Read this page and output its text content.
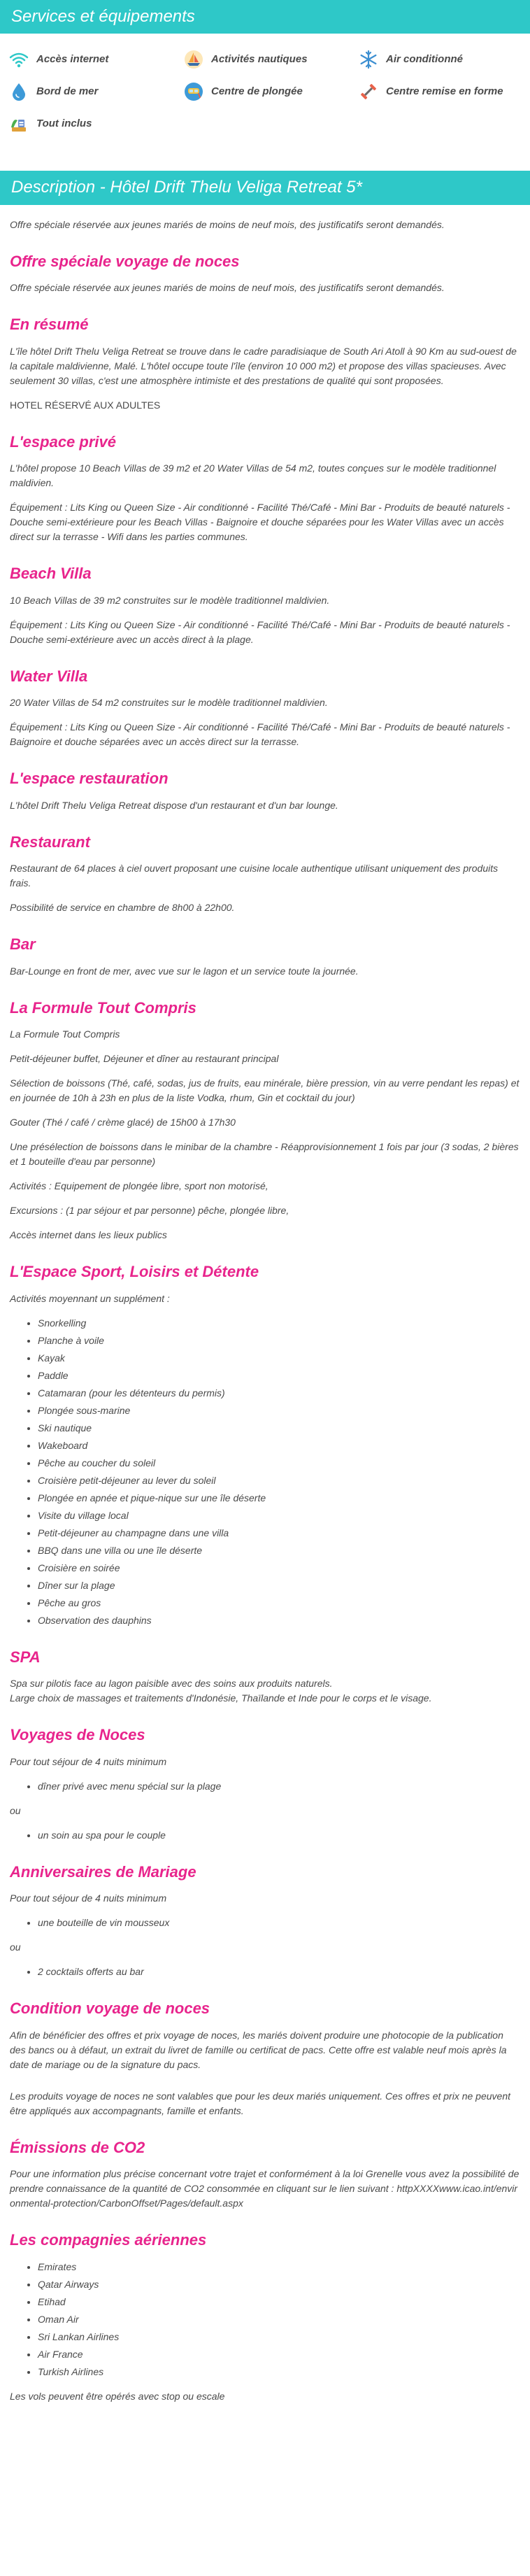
Services et équipements
Accès internet	Activités nautiques	Air conditionné
Bord de mer	Centre de plongée	Centre remise en forme
Tout inclus
Description - Hôtel Drift Thelu Veliga Retreat 5*

Offre spéciale réservée aux jeunes mariés de moins de neuf mois, des justificatifs seront demandés.

Offre spéciale voyage de noces

Offre spéciale réservée aux jeunes mariés de moins de neuf mois, des justificatifs seront demandés.

En résumé

L'île hôtel Drift Thelu Veliga Retreat se trouve dans le cadre paradisiaque de South Ari Atoll à 90 Km au sud-ouest de la capitale maldivienne, Malé. L'hôtel occupe toute l'île (environ 10 000 m2) et propose des villas spacieuses. Avec seulement 30 villas, c'est une atmosphère intimiste et des prestations de qualité qui sont proposées.

HOTEL RÉSERVÉ AUX ADULTES

L'espace privé

L'hôtel propose 10 Beach Villas de 39 m2 et 20 Water Villas de 54 m2, toutes conçues sur le modèle traditionnel maldivien.

Équipement : Lits King ou Queen Size - Air conditionné - Facilité Thé/Café - Mini Bar - Produits de beauté naturels - Douche semi-extérieure pour les Beach Villas - Baignoire et douche séparées pour les Water Villas avec un accès direct sur la terrasse - Wifi dans les parties communes.

Beach Villa

10 Beach Villas de 39 m2 construites sur le modèle traditionnel maldivien.

Équipement : Lits King ou Queen Size - Air conditionné - Facilité Thé/Café - Mini Bar - Produits de beauté naturels - Douche semi-extérieure avec un accès direct à la plage.

Water Villa

20 Water Villas de 54 m2 construites sur le modèle traditionnel maldivien.

Équipement : Lits King ou Queen Size - Air conditionné - Facilité Thé/Café - Mini Bar - Produits de beauté naturels - Baignoire et douche séparées avec un accès direct sur la terrasse.

L'espace restauration

L'hôtel Drift Thelu Veliga Retreat dispose d'un restaurant et d'un bar lounge.

Restaurant

Restaurant de 64 places à ciel ouvert proposant une cuisine locale authentique utilisant uniquement des produits frais.

Possibilité de service en chambre de 8h00 à 22h00.

Bar

Bar-Lounge en front de mer, avec vue sur le lagon et un service toute la journée.

La Formule Tout Compris

La Formule Tout Compris

Petit-déjeuner buffet, Déjeuner et dîner au restaurant principal

Sélection de boissons (Thé, café, sodas, jus de fruits, eau minérale, bière pression, vin au verre pendant les repas) et en journée de 10h à 23h en plus de la liste Vodka, rhum, Gin et cocktail du jour)

Gouter (Thé / café / crème glacé) de 15h00 à 17h30

Une présélection de boissons dans le minibar de la chambre - Réapprovisionnement 1 fois par jour (3 sodas, 2 bières et 1 bouteille d'eau par personne)

Activités : Equipement de plongée libre, sport non motorisé,

Excursions : (1 par séjour et par personne) pêche, plongée libre,

Accès internet dans les lieux publics

L'Espace Sport, Loisirs et Détente

Activités moyennant un supplément :

• Snorkelling
• Planche à voile
• Kayak
• Paddle
• Catamaran (pour les détenteurs du permis)
• Plongée sous-marine
• Ski nautique
• Wakeboard
• Pêche au coucher du soleil
• Croisière petit-déjeuner au lever du soleil
• Plongée en apnée et pique-nique sur une île déserte
• Visite du village local
• Petit-déjeuner au champagne dans une villa
• BBQ dans une villa ou une île déserte
• Croisière en soirée
• Dîner sur la plage
• Pêche au gros
• Observation des dauphins
SPA

Spa sur pilotis face au lagon paisible avec des soins aux produits naturels.

Large choix de massages et traitements d'Indonésie, Thaïlande et Inde pour le corps et le visage.

Voyages de Noces

Pour tout séjour de 4 nuits minimum

• dîner privé avec menu spécial sur la plage

ou

• un soin au spa pour le couple
Anniversaires de Mariage

Pour tout séjour de 4 nuits minimum

• une bouteille de vin mousseux

ou

• 2 cocktails offerts au bar
Condition voyage de noces

Afin de bénéficier des offres et prix voyage de noces, les mariés doivent produire une photocopie de la publication des bancs ou à défaut, un extrait du livret de famille ou certificat de pacs. Cette offre est valable neuf mois après la date de mariage ou de la signature du pacs.

Les produits voyage de noces ne sont valables que pour les deux mariés uniquement. Ces offres et prix ne peuvent être appliqués aux accompagnants, famille et enfants.

Émissions de CO2

Pour une information plus précise concernant votre trajet et conformément à la loi Grenelle vous avez la possibilité de prendre connaissance de la quantité de CO2 consommée en cliquant sur le lien suivant : httpXXXXwww.icao.int/environmental-protection/CarbonOffset/Pages/default.aspx

Les compagnies aériennes
• Emirates
• Qatar Airways
• Etihad
• Oman Air
• Sri Lankan Airlines
• Air France
• Turkish Airlines

Les vols peuvent être opérés avec stop ou escale
